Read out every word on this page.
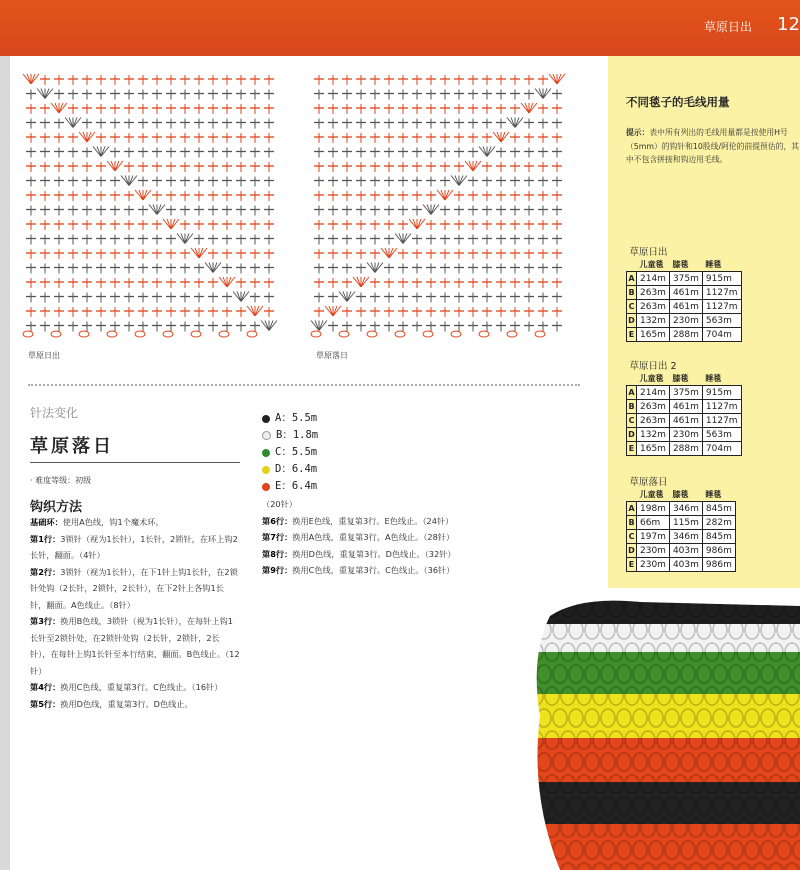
草原日出 12
草原日出	草原落日
针法变化
草原落日
· 难度等级：初级
钩织方法
基础环：使用A色线，钩1个魔术环。
第1行：3锁针（视为1长针），1长针，2锁针，在环上钩2长针，翻面。（4针）
第2行：3锁针（视为1长针），在下1针上钩1长针，在2锁针处钩（2长针，2锁针，2长针），在下2针上各钩1长针，翻面。A色线止。（8针）
第3行：换用B色线，3锁针（视为1长针），在每针上钩1长针至2锁针处，在2锁针处钩（2长针，2锁针，2长针），在每针上钩1长针至本行结束，翻面。B色线止。（12针）
第4行：换用C色线，重复第3行。C色线止。（16针）
第5行：换用D色线，重复第3行。D色线止。
A ： 5.5m
B ： 1.8m
C ： 5.5m
D ： 6.4m
E ： 6.4m
（20针）
第6行：换用E色线，重复第3行。E色线止。（24针）
第7行：换用A色线，重复第3行。A色线止。（28针）
第8行：换用D色线，重复第3行。D色线止。（32针）
第9行：换用C色线，重复第3行。C色线止。（36针）
不同毯子的毛线用量
提示：表中所有列出的毛线用量都是按使用H号（5mm）的钩针和10股线/阿伦的前提预估的，其中不包含拼接和钩边用毛线。
草原日出			
	儿童毯	膝毯	睡毯
A	214m	375m	915m
B	263m	461m	1127m
C	263m	461m	1127m
D	132m	230m	563m
E	165m	288m	704m
草原日出 2			
	儿童毯	膝毯	睡毯
A	214m	375m	915m
B	263m	461m	1127m
C	263m	461m	1127m
D	132m	230m	563m
E	165m	288m	704m
草原落日			
	儿童毯	膝毯	睡毯
A	198m	346m	845m
B	66m	115m	282m
C	197m	346m	845m
D	230m	403m	986m
E	230m	403m	986m
